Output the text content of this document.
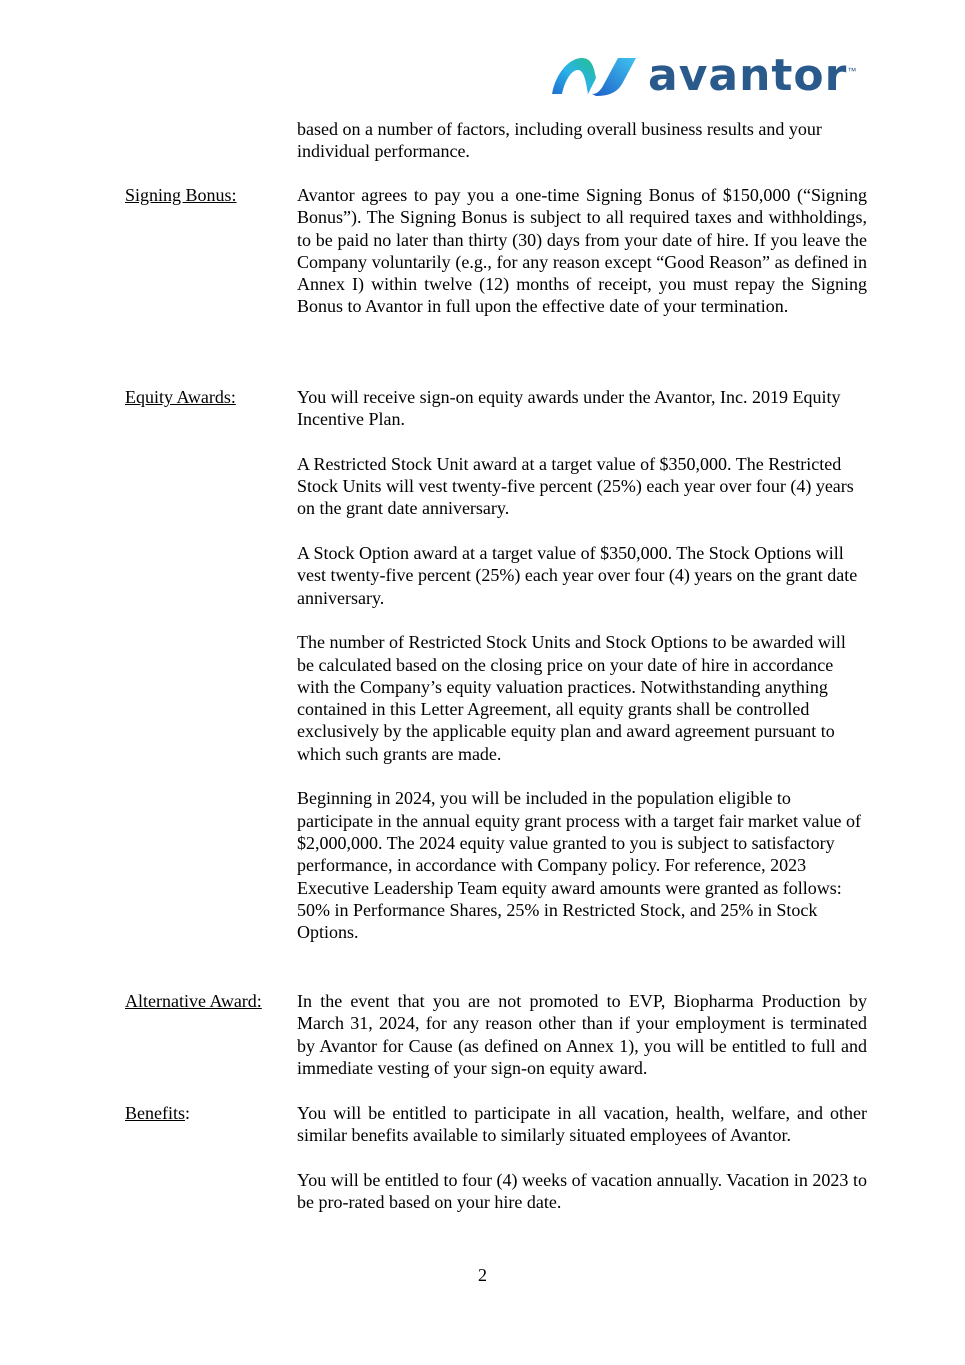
avantor ™

based on a number of factors, including overall business results and your individual performance.

Signing Bonus:	Avantor agrees to pay you a one-time Signing Bonus of $150,000 (“Signing Bonus”). The Signing Bonus is subject to all required taxes and withholdings, to be paid no later than thirty (30) days from your date of hire. If you leave the Company voluntarily (e.g., for any reason except “Good Reason” as defined in Annex I) within twelve (12) months of receipt, you must repay the Signing Bonus to Avantor in full upon the effective date of your termination.

Equity Awards:	You will receive sign-on equity awards under the Avantor, Inc. 2019 Equity Incentive Plan.

A Restricted Stock Unit award at a target value of $350,000. The Restricted Stock Units will vest twenty-five percent (25%) each year over four (4) years on the grant date anniversary.

A Stock Option award at a target value of $350,000. The Stock Options will vest twenty-five percent (25%) each year over four (4) years on the grant date anniversary.

The number of Restricted Stock Units and Stock Options to be awarded will be calculated based on the closing price on your date of hire in accordance with the Company’s equity valuation practices. Notwithstanding anything contained in this Letter Agreement, all equity grants shall be controlled exclusively by the applicable equity plan and award agreement pursuant to which such grants are made.

Beginning in 2024, you will be included in the population eligible to participate in the annual equity grant process with a target fair market value of $2,000,000. The 2024 equity value granted to you is subject to satisfactory performance, in accordance with Company policy. For reference, 2023 Executive Leadership Team equity award amounts were granted as follows: 50% in Performance Shares, 25% in Restricted Stock, and 25% in Stock Options.

Alternative Award: In the event that you are not promoted to EVP, Biopharma Production by March 31, 2024, for any reason other than if your employment is terminated by Avantor for Cause (as defined on Annex 1), you will be entitled to full and immediate vesting of your sign-on equity award.

Benefits:	You will be entitled to participate in all vacation, health, welfare, and other similar benefits available to similarly situated employees of Avantor.

You will be entitled to four (4) weeks of vacation annually. Vacation in 2023 to be pro-rated based on your hire date.

2
